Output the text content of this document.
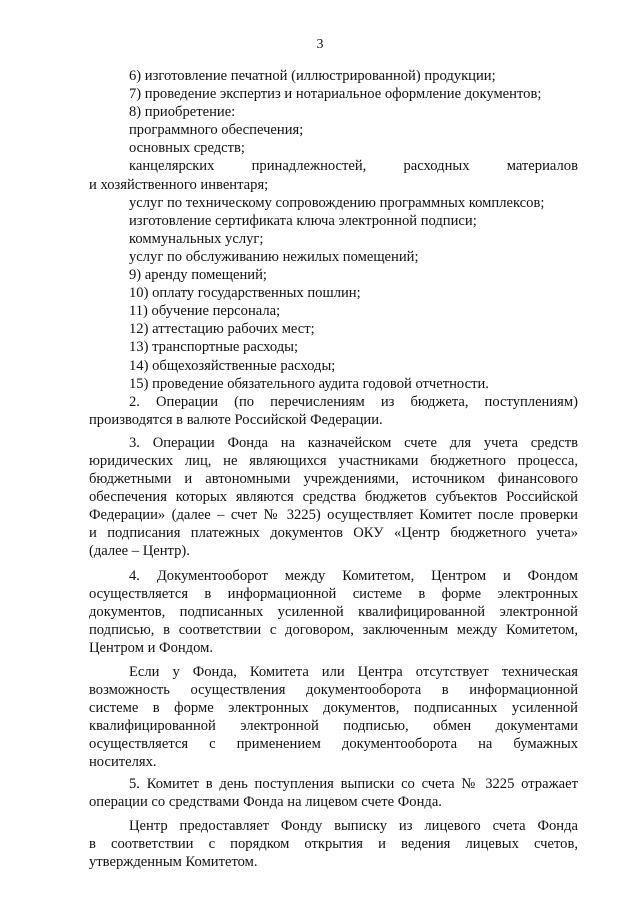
3
6) изготовление печатной (иллюстрированной) продукции;
7) проведение экспертиз и нотариальное оформление документов;
8) приобретение:
программного обеспечения;
основных средств;
канцелярских	принадлежностей,	расходных	материалов
и хозяйственного инвентаря;
услуг по техническому сопровождению программных комплексов;
изготовление сертификата ключа электронной подписи;
коммунальных услуг;
услуг по обслуживанию нежилых помещений;
9) аренду помещений;
10) оплату государственных пошлин;
11) обучение персонала;
12) аттестацию рабочих мест;
13) транспортные расходы;
14) общехозяйственные расходы;
15) проведение обязательного аудита годовой отчетности.
2. Операции (по перечислениям из бюджета, поступлениям)
производятся в валюте Российской Федерации.
3. Операции Фонда на казначейском счете для учета средств
юридических лиц, не являющихся участниками бюджетного процесса,
бюджетными и автономными учреждениями, источником финансового
обеспечения которых являются средства бюджетов субъектов Российской
Федерации» (далее – счет № 3225) осуществляет Комитет после проверки
и подписания платежных документов ОКУ «Центр бюджетного учета»
(далее – Центр).
4. Документооборот между Комитетом, Центром и Фондом
осуществляется в информационной системе в форме электронных
документов, подписанных усиленной квалифицированной электронной
подписью, в соответствии с договором, заключенным между Комитетом,
Центром и Фондом.
Если у Фонда, Комитета или Центра отсутствует техническая
возможность осуществления документооборота в информационной
системе в форме электронных документов, подписанных усиленной
квалифицированной электронной подписью, обмен документами
осуществляется с применением документооборота на бумажных
носителях.
5. Комитет в день поступления выписки со счета № 3225 отражает
операции со средствами Фонда на лицевом счете Фонда.
Центр предоставляет Фонду выписку из лицевого счета Фонда
в соответствии с порядком открытия и ведения лицевых счетов,
утвержденным Комитетом.
